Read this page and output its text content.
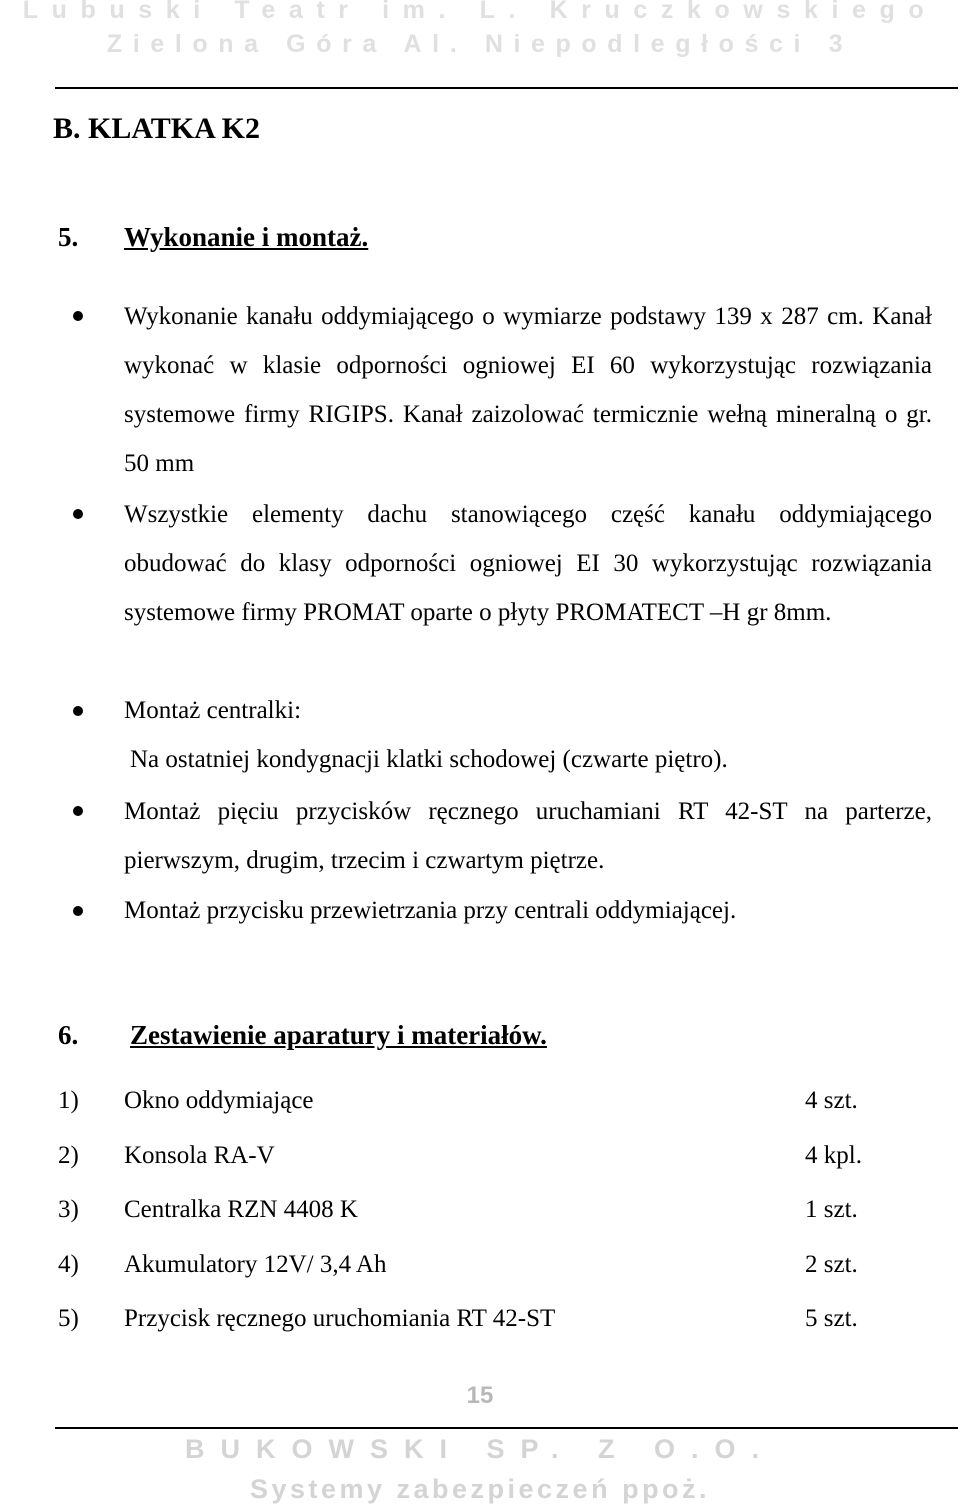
Lubuski Teatr im. L. Kruczkowskiego
Zielona Góra Al. Niepodległości 3
B. KLATKA K2
5. Wykonanie i montaż.
Wykonanie kanału oddymiającego o wymiarze podstawy 139 x 287 cm. Kanał wykonać w klasie odporności ogniowej EI 60 wykorzystując rozwiązania systemowe firmy RIGIPS. Kanał zaizolować termicznie wełną mineralną o gr. 50 mm
Wszystkie elementy dachu stanowiącego część kanału oddymiającego obudować do klasy odporności ogniowej EI 30 wykorzystując rozwiązania systemowe firmy PROMAT oparte o płyty PROMATECT –H gr 8mm.
Montaż centralki:
Na ostatniej kondygnacji klatki schodowej (czwarte piętro).
Montaż pięciu przycisków ręcznego uruchamiani RT 42-ST na parterze, pierwszym, drugim, trzecim i czwartym piętrze.
Montaż przycisku przewietrzania przy centrali oddymiającej.
6. Zestawienie aparatury i materiałów.
1) Okno oddymiające	4 szt.
2) Konsola RA-V	4 kpl.
3) Centralka RZN 4408 K	1 szt.
4) Akumulatory 12V/ 3,4 Ah	2 szt.
5) Przycisk ręcznego uruchomiania RT 42-ST	5 szt.
15
BUKOWSKI SP. Z O.O.
Systemy zabezpieczeń ppoż.
